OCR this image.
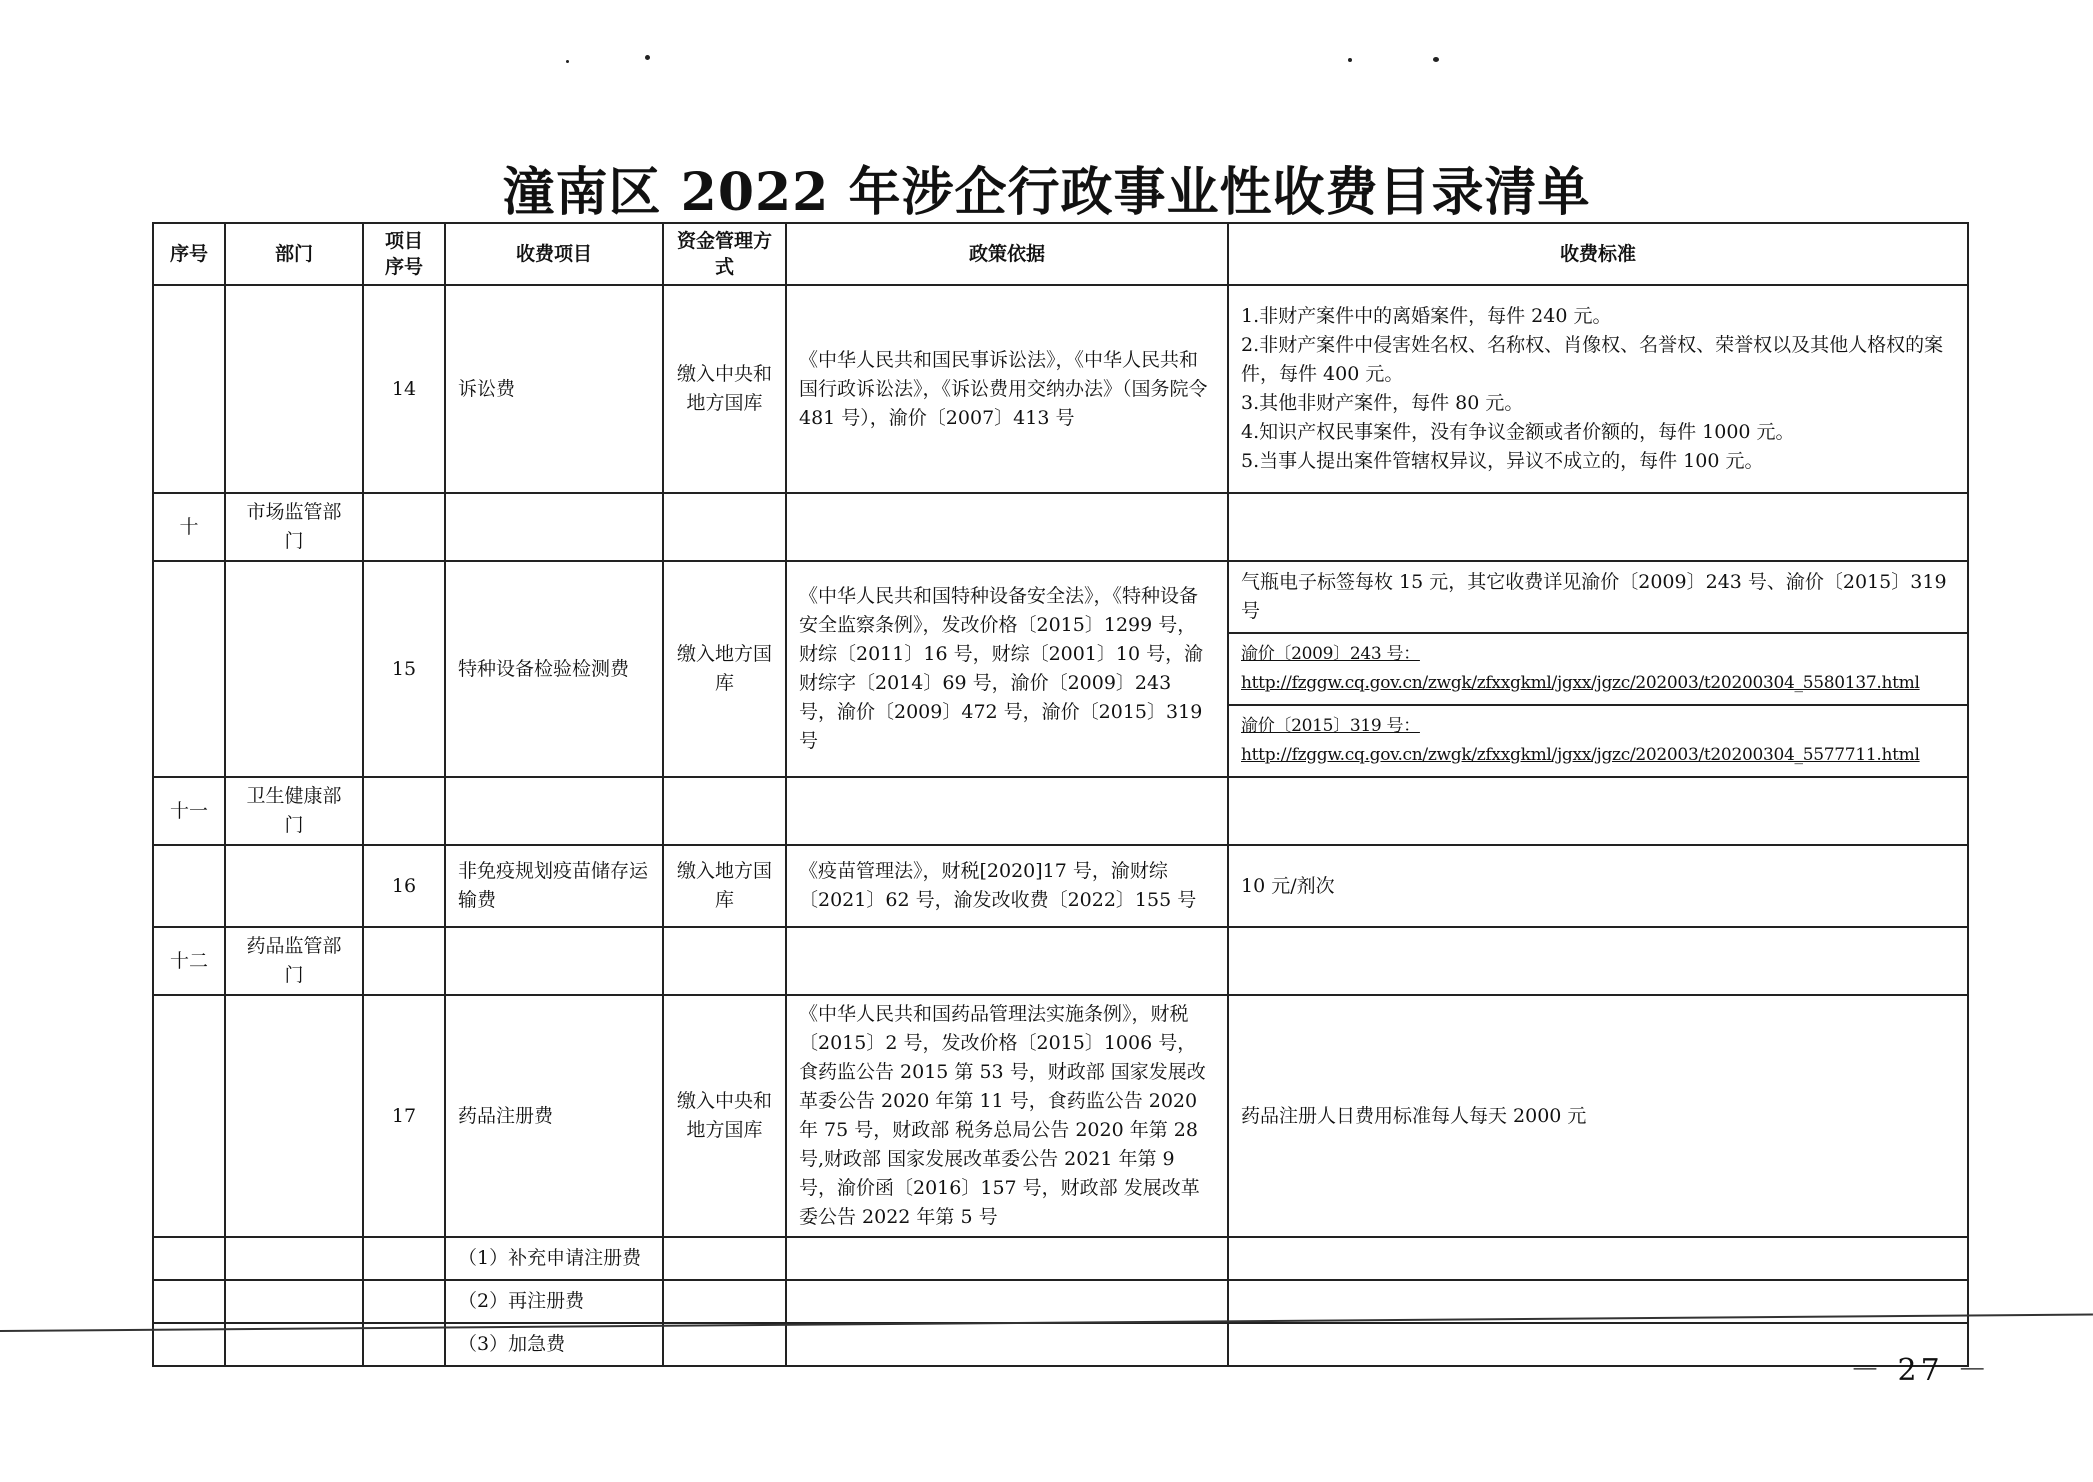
潼南区 2022 年涉企行政事业性收费目录清单
序号	部门	项目序号	收费项目	资金管理方式	政策依据	收费标准
		14	诉讼费	缴入中央和地方国库	《中华人民共和国民事诉讼法》，《中华人民共和国行政诉讼法》，《诉讼费用交纳办法》（国务院令 481 号），渝价〔2007〕413 号	1.非财产案件中的离婚案件，每件 240 元。
2.非财产案件中侵害姓名权、名称权、肖像权、名誉权、荣誉权以及其他人格权的案件，每件 400 元。
3.其他非财产案件，每件 80 元。
4.知识产权民事案件，没有争议金额或者价额的，每件 1000 元。
5.当事人提出案件管辖权异议，异议不成立的，每件 100 元。

十	市场监管部门					
		15	特种设备检验检测费	缴入地方国库	《中华人民共和国特种设备安全法》，《特种设备安全监察条例》，发改价格〔2015〕1299 号，财综〔2011〕16 号，财综〔2001〕10 号，渝财综字〔2014〕69 号，渝价〔2009〕243 号，渝价〔2009〕472 号，渝价〔2015〕319 号	气瓶电子标签每枚 15 元，其它收费详见渝价〔2009〕243 号、渝价〔2015〕319 号
渝价〔2009〕243 号：
http://fzggw.cq.gov.cn/zwgk/zfxxgkml/jgxx/jgzc/202003/t20200304_5580137.html
渝价〔2015〕319 号：
http://fzggw.cq.gov.cn/zwgk/zfxxgkml/jgxx/jgzc/202003/t20200304_5577711.html

十一	卫生健康部门					
		16	非免疫规划疫苗储存运输费	缴入地方国库	《疫苗管理法》，财税[2020]17 号，渝财综〔2021〕62 号，渝发改收费〔2022〕155 号	10 元/剂次
十二	药品监管部门					
		17	药品注册费	缴入中央和地方国库	《中华人民共和国药品管理法实施条例》，财税〔2015〕2 号，发改价格〔2015〕1006 号，食药监公告 2015 第 53 号，财政部 国家发展改革委公告 2020 年第 11 号，食药监公告 2020 年 75 号，财政部 税务总局公告 2020 年第 28 号,财政部 国家发展改革委公告 2021 年第 9 号，渝价函〔2016〕157 号，财政部 发展改革委公告 2022 年第 5 号	药品注册人日费用标准每人每天 2000 元
			（1）补充申请注册费			
			（2）再注册费			
			（3）加急费			
－ 27 －
